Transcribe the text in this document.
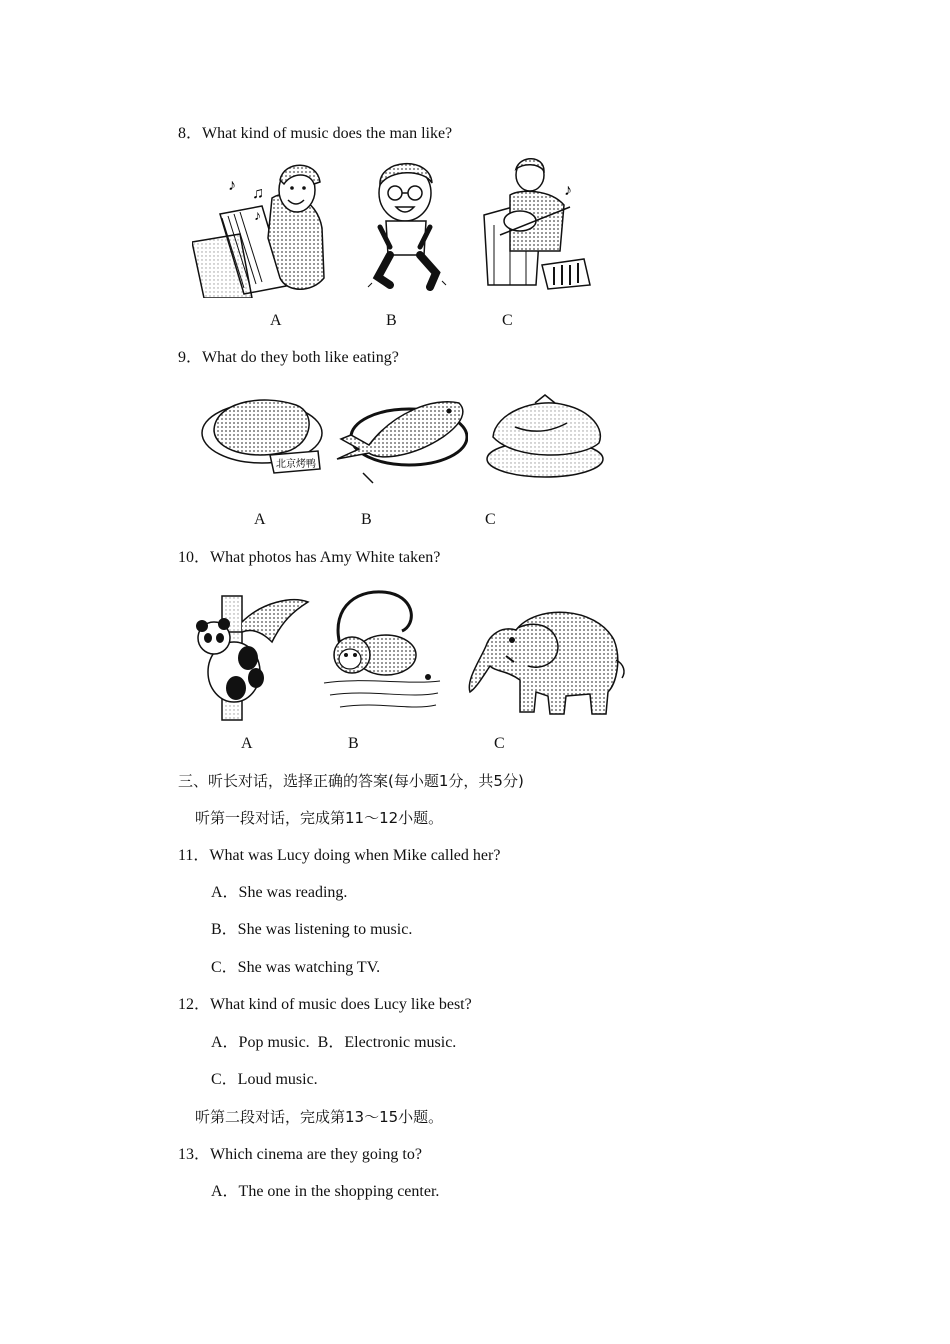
8．What kind of music does the man like?
♪ ♫
♪
♪
A	B	C
9．What do they both like eating?
北京烤鸭
A	B	C
10．What photos has Amy White taken?
A	B	C
三、听长对话，选择正确的答案(每小题1分，共5分)
听第一段对话，完成第11～12小题。
11．What was Lucy doing when Mike called her?
A．She was reading.
B．She was listening to music.
C．She was watching TV.
12．What kind of music does Lucy like best?
A．Pop music.  B．Electronic music.
C．Loud music.
听第二段对话，完成第13～15小题。
13．Which cinema are they going to?
A．The one in the shopping center.
